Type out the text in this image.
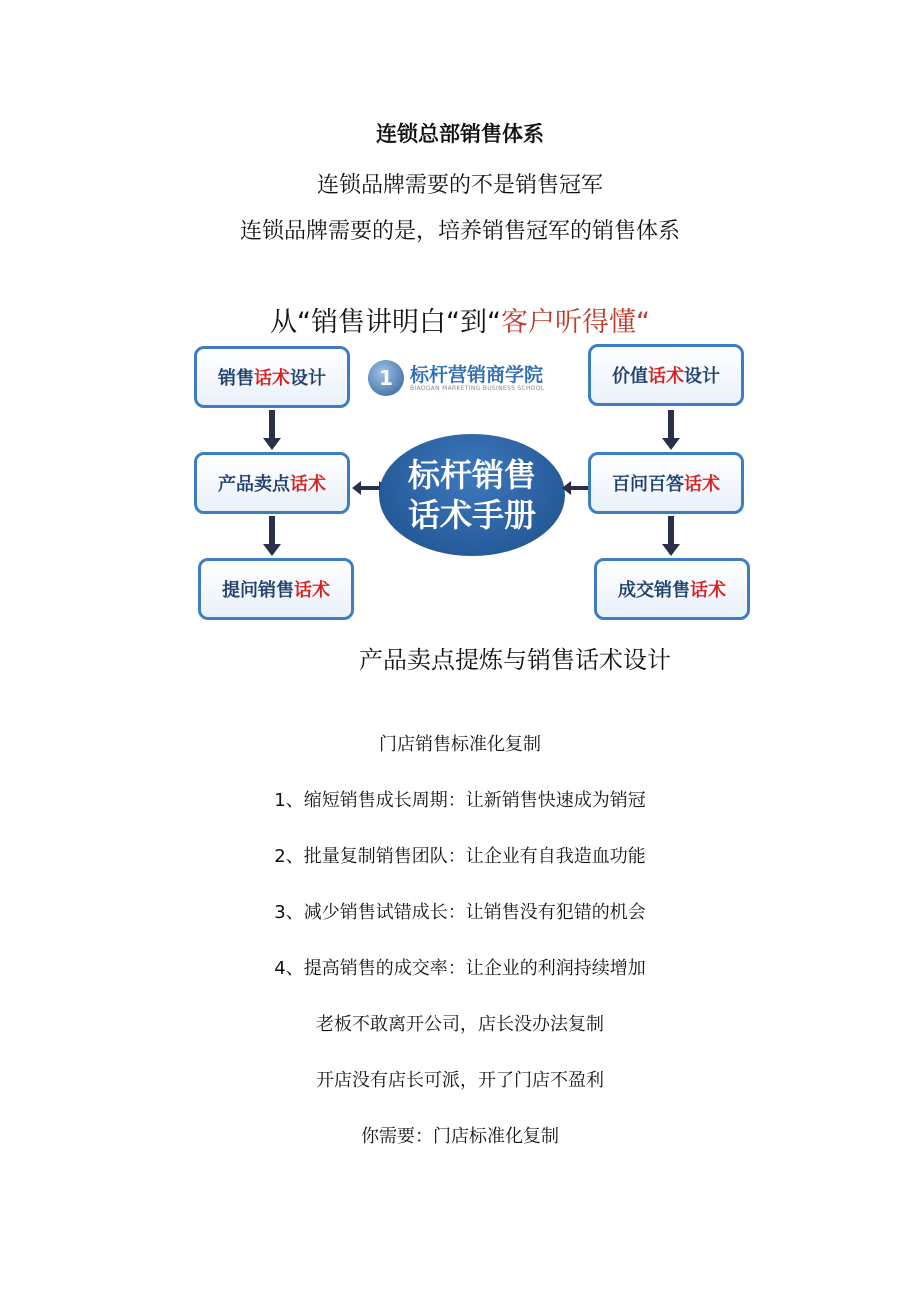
连锁总部销售体系
连锁品牌需要的不是销售冠军
连锁品牌需要的是，培养销售冠军的销售体系
从“销售讲明白“到“客户听得懂“
销售 话术 设计
产品卖点 话术
提问销售 话术
1 标杆营销商学院
BIAOGAN MARKETING BUSINESS SCHOOL
标杆销售
话术手册
价值 话术 设计
百问百答 话术
成交销售 话术
产品卖点提炼与销售话术设计
门店销售标准化复制
1、缩短销售成长周期：让新销售快速成为销冠
2、批量复制销售团队：让企业有自我造血功能
3、减少销售试错成长：让销售没有犯错的机会
4、提高销售的成交率：让企业的利润持续增加
老板不敢离开公司，店长没办法复制
开店没有店长可派，开了门店不盈利
你需要：门店标准化复制
